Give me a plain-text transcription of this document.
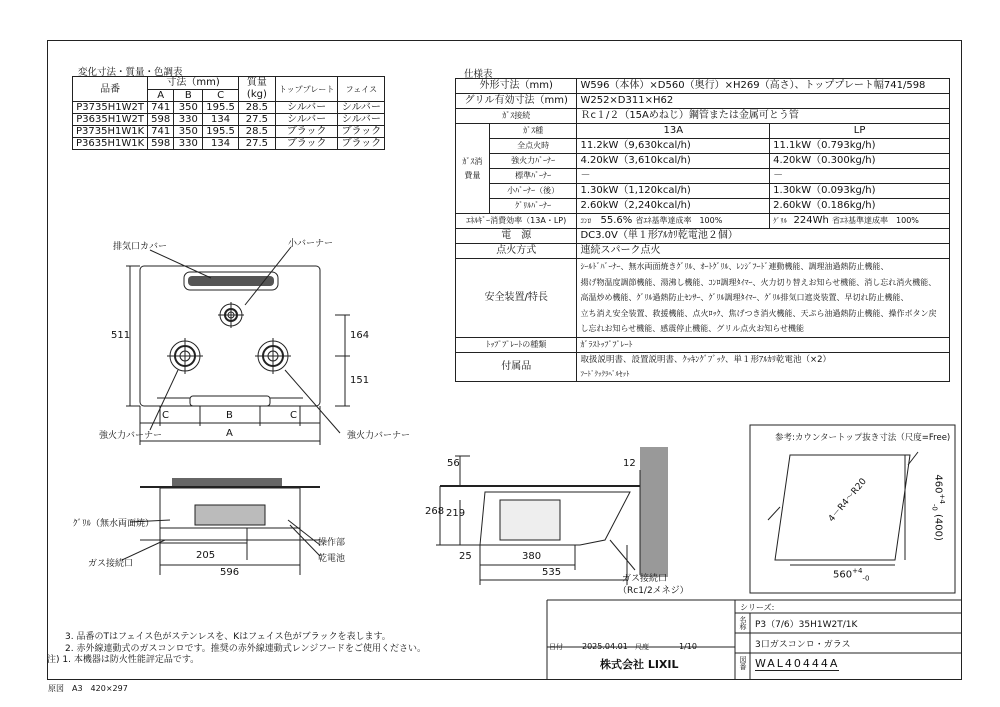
変化寸法・質量・色調表
品番	寸法（mm)			質量
(kg)	トッププレート	フェイス
	A	B	C			
P3735H1W2T	741	350	195.5	28.5	シルバー	シルバー
P3635H1W2T	598	330	134	27.5	シルバー	シルバー
P3735H1W1K	741	350	195.5	28.5	ブラック	ブラック
P3635H1W1K	598	330	134	27.5	ブラック	ブラック
仕様表
外形寸法（mm)		W596（本体）×D560（奥行）×H269（高さ）、トッププレート幅741/598	
グリル有効寸法（mm)		W252×D311×H62	
ｶﾞｽ接続		Ｒc１/２（15Aめねじ）鋼管または金属可とう管	
ｶﾞｽ消費量	ｶﾞｽ種	13A	LP
	全点火時	11.2kW（9,630kcal/h)	11.1kW（0.793kg/h)
	強火力ﾊﾞｰﾅｰ	4.20kW（3,610kcal/h)	4.20kW（0.300kg/h)
	標準ﾊﾞｰﾅｰ	－	－
	小ﾊﾞｰﾅｰ（後）	1.30kW（1,120kcal/h)	1.30kW（0.093kg/h)
	ｸﾞﾘﾙﾊﾞｰﾅｰ	2.60kW（2,240kcal/h)	2.60kW（0.186kg/h)
ｴﾈﾙｷﾞｰ消費効率（13A・LP)		ｺﾝﾛ 55.6% 省ｴﾈ基準達成率　100%	ｸﾞﾘﾙ 224Wh 省ｴﾈ基準達成率　100%
電　源		DC3.0V（単１形ｱﾙｶﾘ乾電池２個）	
点火方式		連続スパーク点火	
安全装置/特長		ｼｰﾙﾄﾞﾊﾞｰﾅｰ、無水両面焼きｸﾞﾘﾙ、ｵｰﾄｸﾞﾘﾙ、ﾚﾝｼﾞﾌｰﾄﾞ連動機能、調理油過熱防止機能、
揚げ物温度調節機能、湯沸し機能、ｺﾝﾛ調理ﾀｲﾏｰ、火力切り替えお知らせ機能、消し忘れ消火機能、
高温炒め機能、ｸﾞﾘﾙ過熱防止ｾﾝｻｰ、ｸﾞﾘﾙ調理ﾀｲﾏｰ、ｸﾞﾘﾙ排気口遮炎装置、早切れ防止機能、
立ち消え安全装置、救援機能、点火ﾛｯｸ、焦げつき消火機能、天ぷら油過熱防止機能、操作ボタン戻
し忘れお知らせ機能、感震停止機能、グリル点火お知らせ機能	

ﾄｯﾌﾟﾌﾟﾚｰﾄの種類		ｶﾞﾗｽﾄｯﾌﾟﾌﾟﾚｰﾄ	
付属品		取扱説明書、設置説明書、ｸｯｷﾝｸﾞﾌﾞｯｸ、単１形ｱﾙｶﾘ乾電池（×2）
ﾌｰﾄﾞｸｯｸﾗﾍﾞﾙｾｯﾄ	
排気口カバー	小バーナー
強火力バーナー	強火力バーナー
511	164
151
A
B
C	C
ｸﾞﾘﾙ（無水両面焼）
ガス接続口
操作部
乾電池
205
596
56	12
268 219
25	380
535
ガス接続口
（Rc1/2メネジ）
参考:カウンタートップ抜き寸法（尺度=Free)
4－R4～R20
$560^{+4}_{-0}$
$460^{+4}_{-0}$ (400)
3. 品番のTはフェイス色がステンレスを、Kはフェイス色がブラックを表します。
2. 赤外線連動式のガスコンロです。推奨の赤外線連動式レンジフードをご使用ください。
注) 1. 本機器は防火性能評定品です。
原図　A3　420×297
シリーズ:
名称 P3（7/6）35H1W2T/1K
3口ガスコンロ・ガラス
図番 WAL40444A
日付 2025.04.01 尺度	1/10
株式会社 LIXIL
